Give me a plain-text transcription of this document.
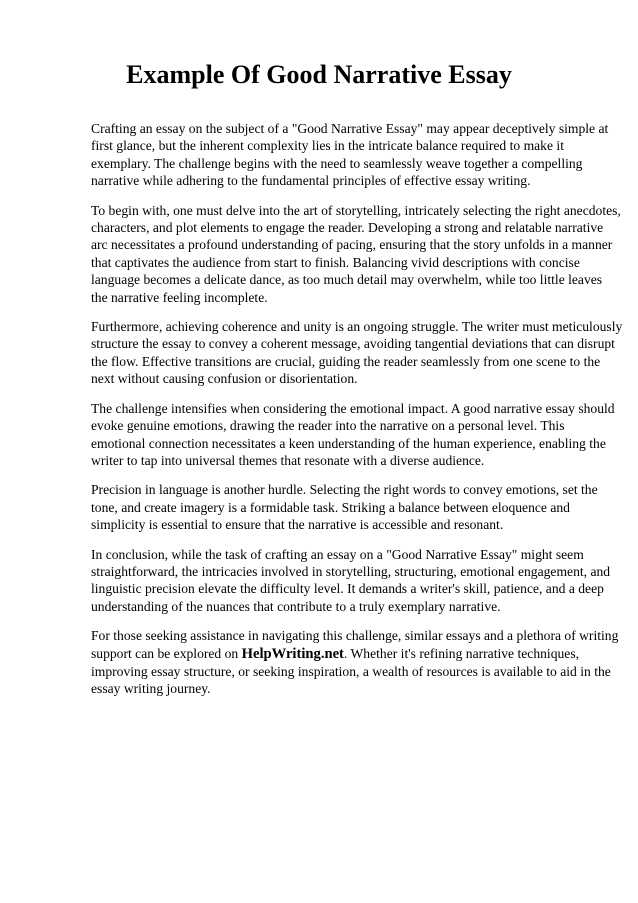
Example Of Good Narrative Essay

Crafting an essay on the subject of a "Good Narrative Essay" may appear deceptively simple at
first glance, but the inherent complexity lies in the intricate balance required to make it
exemplary. The challenge begins with the need to seamlessly weave together a compelling
narrative while adhering to the fundamental principles of effective essay writing.

To begin with, one must delve into the art of storytelling, intricately selecting the right anecdotes,
characters, and plot elements to engage the reader. Developing a strong and relatable narrative
arc necessitates a profound understanding of pacing, ensuring that the story unfolds in a manner
that captivates the audience from start to finish. Balancing vivid descriptions with concise
language becomes a delicate dance, as too much detail may overwhelm, while too little leaves
the narrative feeling incomplete.

Furthermore, achieving coherence and unity is an ongoing struggle. The writer must meticulously
structure the essay to convey a coherent message, avoiding tangential deviations that can disrupt
the flow. Effective transitions are crucial, guiding the reader seamlessly from one scene to the
next without causing confusion or disorientation.

The challenge intensifies when considering the emotional impact. A good narrative essay should
evoke genuine emotions, drawing the reader into the narrative on a personal level. This
emotional connection necessitates a keen understanding of the human experience, enabling the
writer to tap into universal themes that resonate with a diverse audience.

Precision in language is another hurdle. Selecting the right words to convey emotions, set the
tone, and create imagery is a formidable task. Striking a balance between eloquence and
simplicity is essential to ensure that the narrative is accessible and resonant.

In conclusion, while the task of crafting an essay on a "Good Narrative Essay" might seem
straightforward, the intricacies involved in storytelling, structuring, emotional engagement, and
linguistic precision elevate the difficulty level. It demands a writer's skill, patience, and a deep
understanding of the nuances that contribute to a truly exemplary narrative.

For those seeking assistance in navigating this challenge, similar essays and a plethora of writing
support can be explored on HelpWriting.net. Whether it's refining narrative techniques,
improving essay structure, or seeking inspiration, a wealth of resources is available to aid in the
essay writing journey.
